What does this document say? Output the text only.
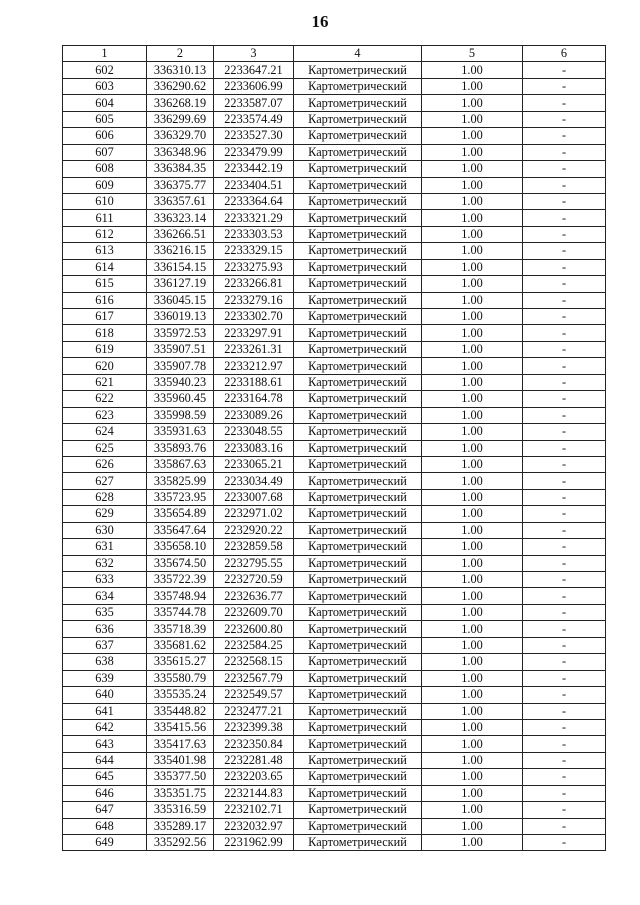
16
1	2	3	4	5	6
602	336310.13	2233647.21	Картометрический	1.00	-
603	336290.62	2233606.99	Картометрический	1.00	-
604	336268.19	2233587.07	Картометрический	1.00	-
605	336299.69	2233574.49	Картометрический	1.00	-
606	336329.70	2233527.30	Картометрический	1.00	-
607	336348.96	2233479.99	Картометрический	1.00	-
608	336384.35	2233442.19	Картометрический	1.00	-
609	336375.77	2233404.51	Картометрический	1.00	-
610	336357.61	2233364.64	Картометрический	1.00	-
611	336323.14	2233321.29	Картометрический	1.00	-
612	336266.51	2233303.53	Картометрический	1.00	-
613	336216.15	2233329.15	Картометрический	1.00	-
614	336154.15	2233275.93	Картометрический	1.00	-
615	336127.19	2233266.81	Картометрический	1.00	-
616	336045.15	2233279.16	Картометрический	1.00	-
617	336019.13	2233302.70	Картометрический	1.00	-
618	335972.53	2233297.91	Картометрический	1.00	-
619	335907.51	2233261.31	Картометрический	1.00	-
620	335907.78	2233212.97	Картометрический	1.00	-
621	335940.23	2233188.61	Картометрический	1.00	-
622	335960.45	2233164.78	Картометрический	1.00	-
623	335998.59	2233089.26	Картометрический	1.00	-
624	335931.63	2233048.55	Картометрический	1.00	-
625	335893.76	2233083.16	Картометрический	1.00	-
626	335867.63	2233065.21	Картометрический	1.00	-
627	335825.99	2233034.49	Картометрический	1.00	-
628	335723.95	2233007.68	Картометрический	1.00	-
629	335654.89	2232971.02	Картометрический	1.00	-
630	335647.64	2232920.22	Картометрический	1.00	-
631	335658.10	2232859.58	Картометрический	1.00	-
632	335674.50	2232795.55	Картометрический	1.00	-
633	335722.39	2232720.59	Картометрический	1.00	-
634	335748.94	2232636.77	Картометрический	1.00	-
635	335744.78	2232609.70	Картометрический	1.00	-
636	335718.39	2232600.80	Картометрический	1.00	-
637	335681.62	2232584.25	Картометрический	1.00	-
638	335615.27	2232568.15	Картометрический	1.00	-
639	335580.79	2232567.79	Картометрический	1.00	-
640	335535.24	2232549.57	Картометрический	1.00	-
641	335448.82	2232477.21	Картометрический	1.00	-
642	335415.56	2232399.38	Картометрический	1.00	-
643	335417.63	2232350.84	Картометрический	1.00	-
644	335401.98	2232281.48	Картометрический	1.00	-
645	335377.50	2232203.65	Картометрический	1.00	-
646	335351.75	2232144.83	Картометрический	1.00	-
647	335316.59	2232102.71	Картометрический	1.00	-
648	335289.17	2232032.97	Картометрический	1.00	-
649	335292.56	2231962.99	Картометрический	1.00	-
